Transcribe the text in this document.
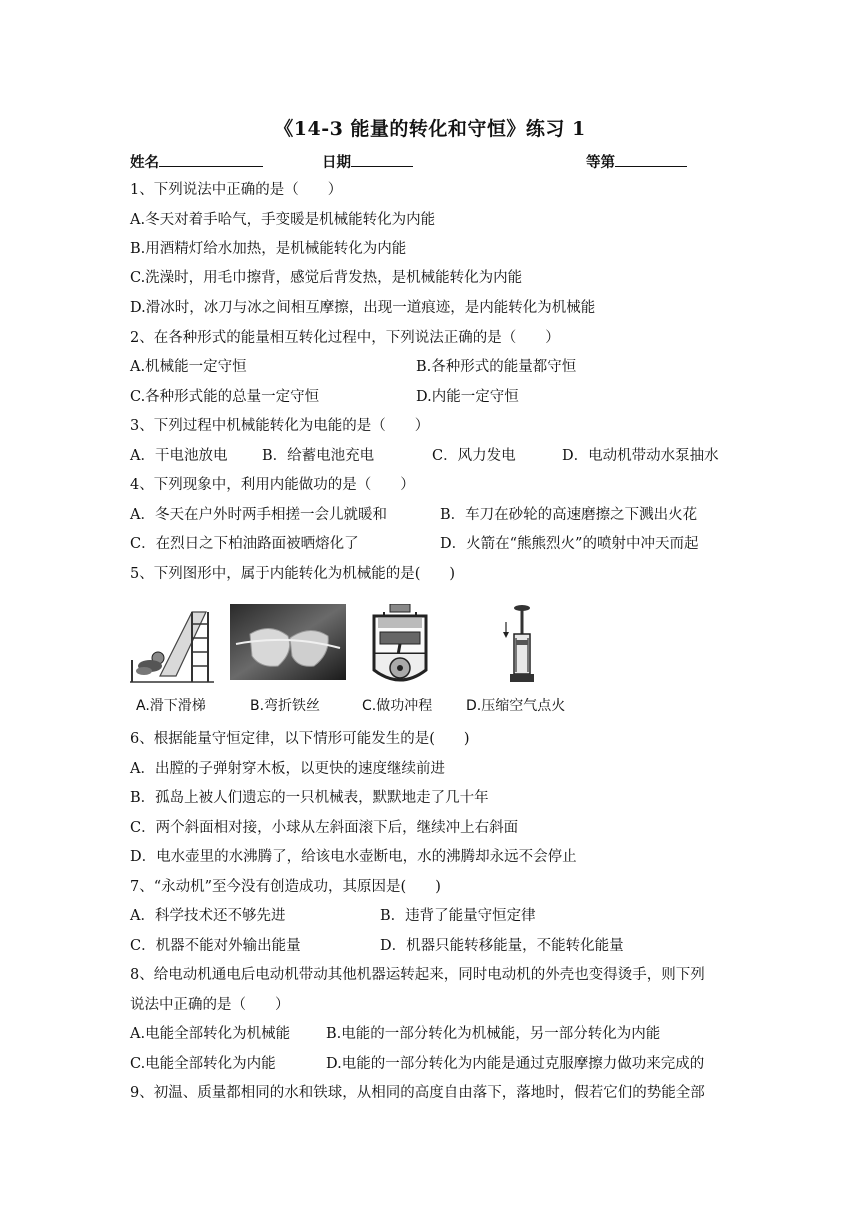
《14-3 能量的转化和守恒》练习 1
姓名	日期	等第
1、下列说法中正确的是（　　）
A.冬天对着手哈气，手变暖是机械能转化为内能
B.用酒精灯给水加热，是机械能转化为内能
C.洗澡时，用毛巾擦背，感觉后背发热，是机械能转化为内能
D.滑冰时，冰刀与冰之间相互摩擦，出现一道痕迹，是内能转化为机械能
2、在各种形式的能量相互转化过程中，下列说法正确的是（　　）
A.机械能一定守恒	B.各种形式的能量都守恒
C.各种形式能的总量一定守恒	D.内能一定守恒
3、下列过程中机械能转化为电能的是（　　）
A．干电池放电 B．给蓄电池充电	C．风力发电	D．电动机带动水泵抽水
4、下列现象中，利用内能做功的是（　　）
A．冬天在户外时两手相搓一会儿就暖和	B．车刀在砂轮的高速磨擦之下溅出火花
C．在烈日之下柏油路面被晒熔化了	D．火箭在“熊熊烈火”的喷射中冲天而起
5、下列图形中，属于内能转化为机械能的是(　　)
A.滑下滑梯	B.弯折铁丝	C.做功冲程 D.压缩空气点火
6、根据能量守恒定律，以下情形可能发生的是(　　)
A．出膛的子弹射穿木板，以更快的速度继续前进
B．孤岛上被人们遗忘的一只机械表，默默地走了几十年
C．两个斜面相对接，小球从左斜面滚下后，继续冲上右斜面
D．电水壶里的水沸腾了，给该电水壶断电，水的沸腾却永远不会停止
7、“永动机”至今没有创造成功，其原因是(　　)
A．科学技术还不够先进	B．违背了能量守恒定律
C．机器不能对外输出能量	D．机器只能转移能量，不能转化能量
8、给电动机通电后电动机带动其他机器运转起来，同时电动机的外壳也变得烫手，则下列
说法中正确的是（　　）
A.电能全部转化为机械能 B.电能的一部分转化为机械能，另一部分转化为内能
C.电能全部转化为内能	D.电能的一部分转化为内能是通过克服摩擦力做功来完成的
9、初温、质量都相同的水和铁球，从相同的高度自由落下，落地时，假若它们的势能全部
